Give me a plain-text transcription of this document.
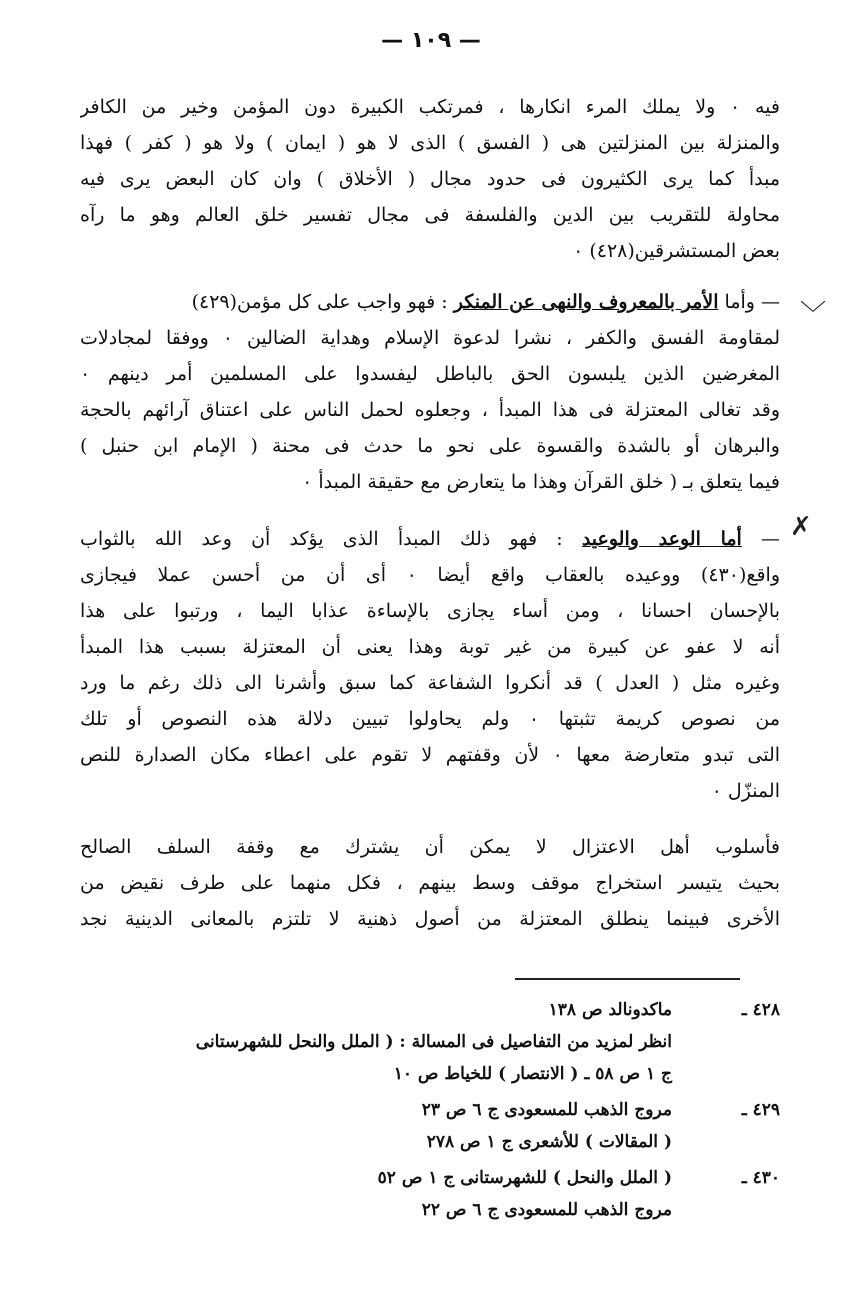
— ١٠٩ —
فيه ٠ ولا يملك المرء انكارها ، فمرتكب الكبيرة دون المؤمن وخير من الكافر
والمنزلة بين المنزلتين هى ( الفسق ) الذى لا هو ( ايمان ) ولا هو ( كفر ) فهذا
مبدأ كما يرى الكثيرون فى حدود مجال ( الأخلاق ) وان كان البعض يرى فيه
محاولة للتقريب بين الدين والفلسفة فى مجال تفسير خلق العالم وهو ما رآه
بعض المستشرقين(٤٢٨) ٠
— وأما الأمر بالمعروف والنهى عن المنكر : فهو واجب على كل مؤمن(٤٢٩)
لمقاومة الفسق والكفر ، نشرا لدعوة الإسلام وهداية الضالين ٠ ووفقا لمجادلات
المغرضين الذين يلبسون الحق بالباطل ليفسدوا على المسلمين أمر دينهم ٠
وقد تغالى المعتزلة فى هذا المبدأ ، وجعلوه لحمل الناس على اعتناق آرائهم بالحجة
والبرهان أو بالشدة والقسوة على نحو ما حدث فى محنة ( الإمام ابن حنبل )
فيما يتعلق بـ ( خلق القرآن وهذا ما يتعارض مع حقيقة المبدأ ٠
— أما الوعد والوعيد : فهو ذلك المبدأ الذى يؤكد أن وعد الله بالثواب
واقع(٤٣٠) ووعيده بالعقاب واقع أيضا ٠ أى أن من أحسن عملا فيجازى
بالإحسان احسانا ، ومن أساء يجازى بالإساءة عذابا اليما ، ورتبوا على هذا
أنه لا عفو عن كبيرة من غير توبة وهذا يعنى أن المعتزلة بسبب هذا المبدأ
وغيره مثل ( العدل ) قد أنكروا الشفاعة كما سبق وأشرنا الى ذلك رغم ما ورد
من نصوص كريمة تثبتها ٠ ولم يحاولوا تبيين دلالة هذه النصوص أو تلك
التى تبدو متعارضة معها ٠ لأن وقفتهم لا تقوم على اعطاء مكان الصدارة للنص
المنزّل ٠
فأسلوب أهل الاعتزال لا يمكن أن يشترك مع وقفة السلف الصالح
بحيث يتيسر استخراج موقف وسط بينهم ، فكل منهما على طرف نقيض من
الأخرى فبينما ينطلق المعتزلة من أصول ذهنية لا تلتزم بالمعانى الدينية نجد
﹀
✗
٤٢٨ ـ
ماكدونالد ص ١٣٨
انظر لمزيد من التفاصيل فى المسالة : ( الملل والنحل للشهرستانى
ج ١ ص ٥٨ ـ ( الانتصار ) للخياط ص ١٠
٤٢٩ ـ
مروج الذهب للمسعودى ج ٦ ص ٢٣
( المقالات ) للأشعرى ج ١ ص ٢٧٨
٤٣٠ ـ
( الملل والنحل ) للشهرستانى ج ١ ص ٥٢
مروج الذهب للمسعودى ج ٦ ص ٢٢
